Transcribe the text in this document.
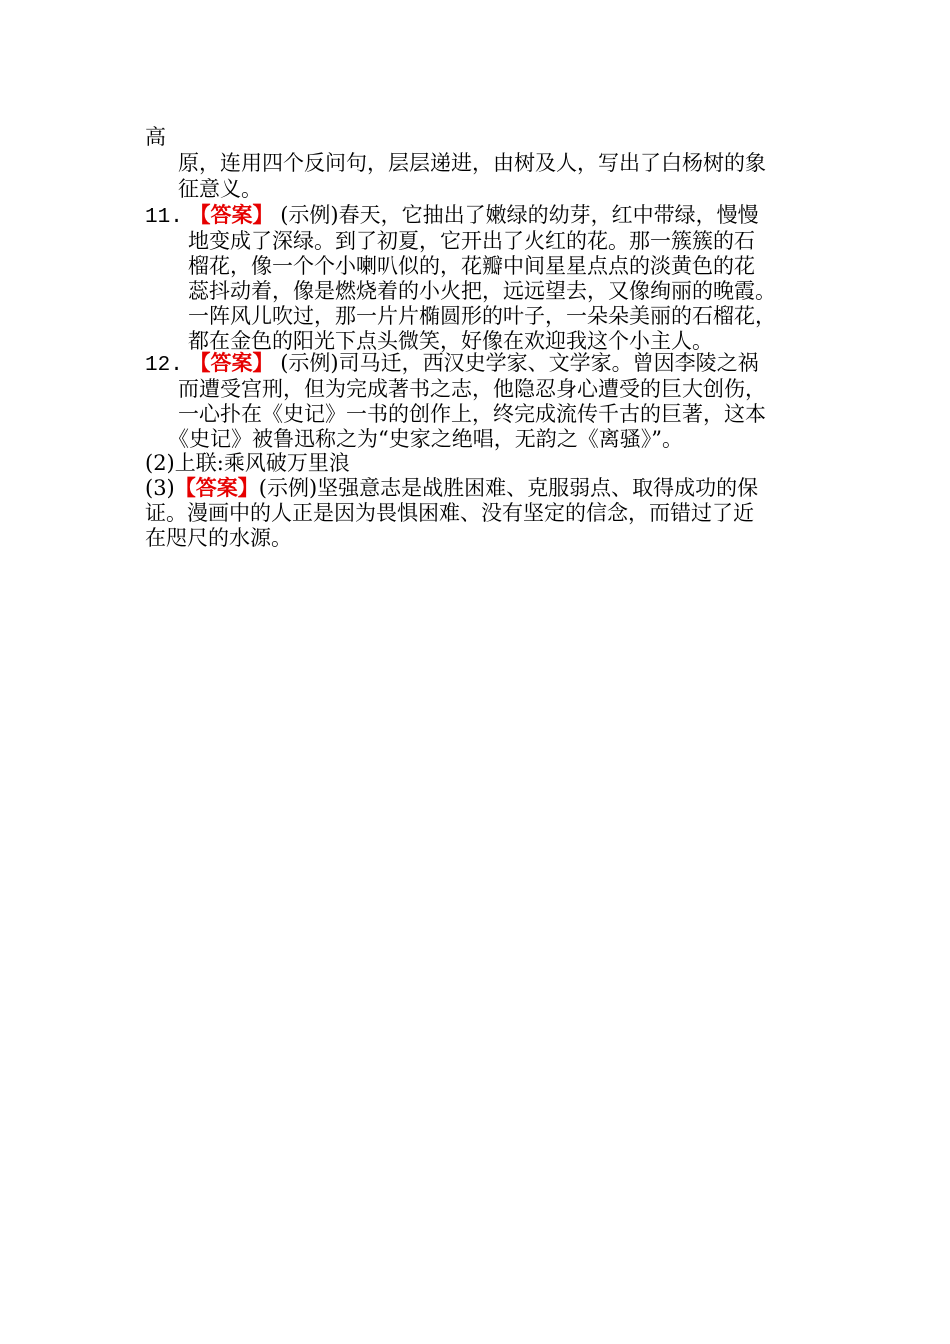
高
原，连用四个反问句，层层递进，由树及人，写出了白杨树的象
征意义。
11. 【答案】 (示例)春天，它抽出了嫩绿的幼芽，红中带绿，慢慢
地变成了深绿。到了初夏，它开出了火红的花。那一簇簇的石
榴花，像一个个小喇叭似的，花瓣中间星星点点的淡黄色的花
蕊抖动着，像是燃烧着的小火把，远远望去，又像绚丽的晚霞。
一阵风儿吹过，那一片片椭圆形的叶子，一朵朵美丽的石榴花，
都在金色的阳光下点头微笑，好像在欢迎我这个小主人。
12. 【答案】 (示例)司马迁，西汉史学家、文学家。曾因李陵之祸
而遭受宫刑，但为完成著书之志，他隐忍身心遭受的巨大创伤，
一心扑在《史记》一书的创作上，终完成流传千古的巨著，这本
《史记》被鲁迅称之为“史家之绝唱，无韵之《离骚》”。
(2)上联:乘风破万里浪
(3)【答案】(示例)坚强意志是战胜困难、克服弱点、取得成功的保
证。漫画中的人正是因为畏惧困难、没有坚定的信念，而错过了近
在咫尺的水源。
